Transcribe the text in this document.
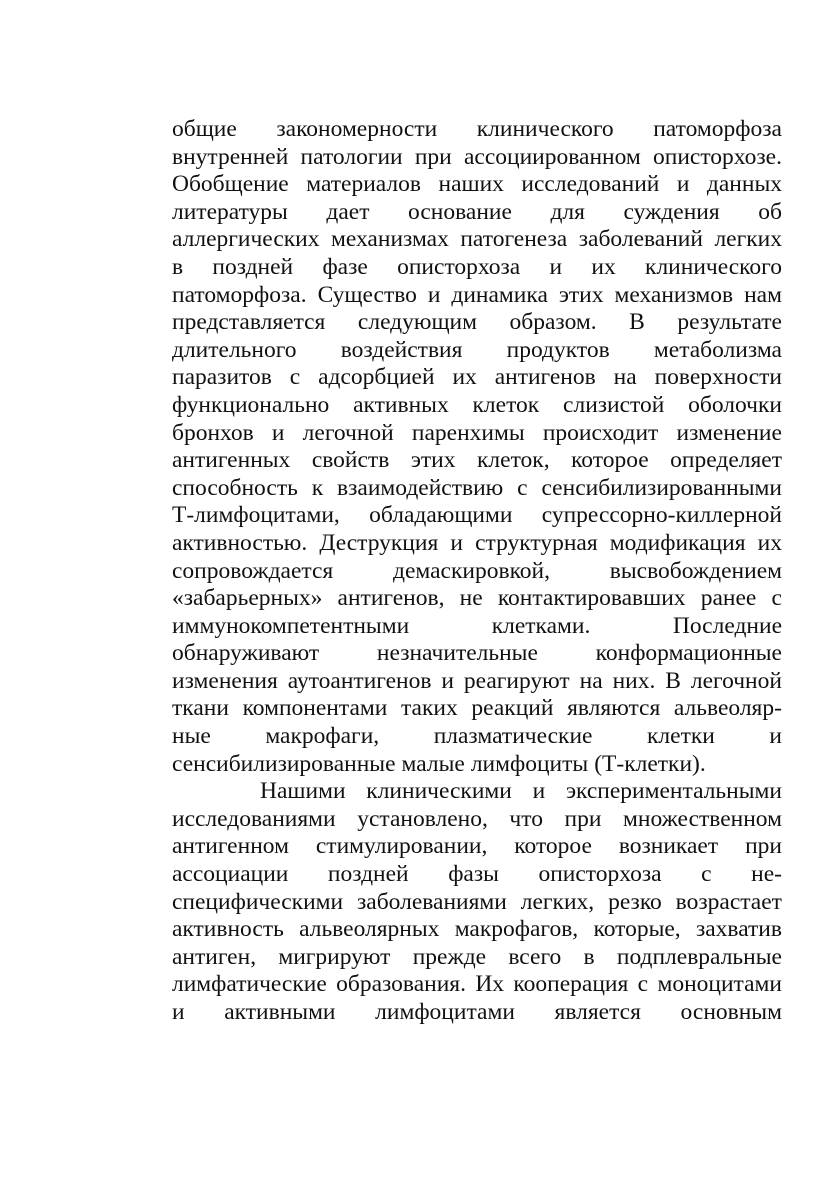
общие закономерности клинического патоморфоза
внутренней патологии при ассоциированном описторхозе.
Обобщение материалов наших исследований и данных
литературы дает основание для суждения об
аллергических механизмах патогенеза заболеваний легких
в поздней фазе описторхоза и их клинического
патоморфоза. Существо и динамика этих механизмов нам
представляется следующим образом. В результате
длительного воздействия продуктов метаболизма
паразитов с адсорбцией их антигенов на поверхности
функционально активных клеток слизистой оболочки
бронхов и легочной паренхимы происходит изменение
антигенных свойств этих клеток, которое определяет
способность к взаимодействию с сенсибилизированными
Т-лимфоцитами, обладающими супрессорно-киллерной
активностью. Деструкция и структурная модификация их
сопровождается	демаскировкой,	высвобождением
«забарьерных» антигенов, не контактировавших ранее с
иммунокомпетентными	клетками.	Последние
обнаруживают незначительные конформационные
изменения аутоантигенов и реагируют на них. В легочной
ткани компонентами таких реакций являются альвеоляр-
ные макрофаги, плазматические клетки и
сенсибилизированные малые лимфоциты (Т-клетки).
Нашими клиническими и экспериментальными
исследованиями установлено, что при множественном
антигенном стимулировании, которое возникает при
ассоциации поздней фазы описторхоза с не-
специфическими заболеваниями легких, резко возрастает
активность альвеолярных макрофагов, которые, захватив
антиген, мигрируют прежде всего в подплевральные
лимфатические образования. Их кооперация с моноцитами
и активными лимфоцитами является основным
